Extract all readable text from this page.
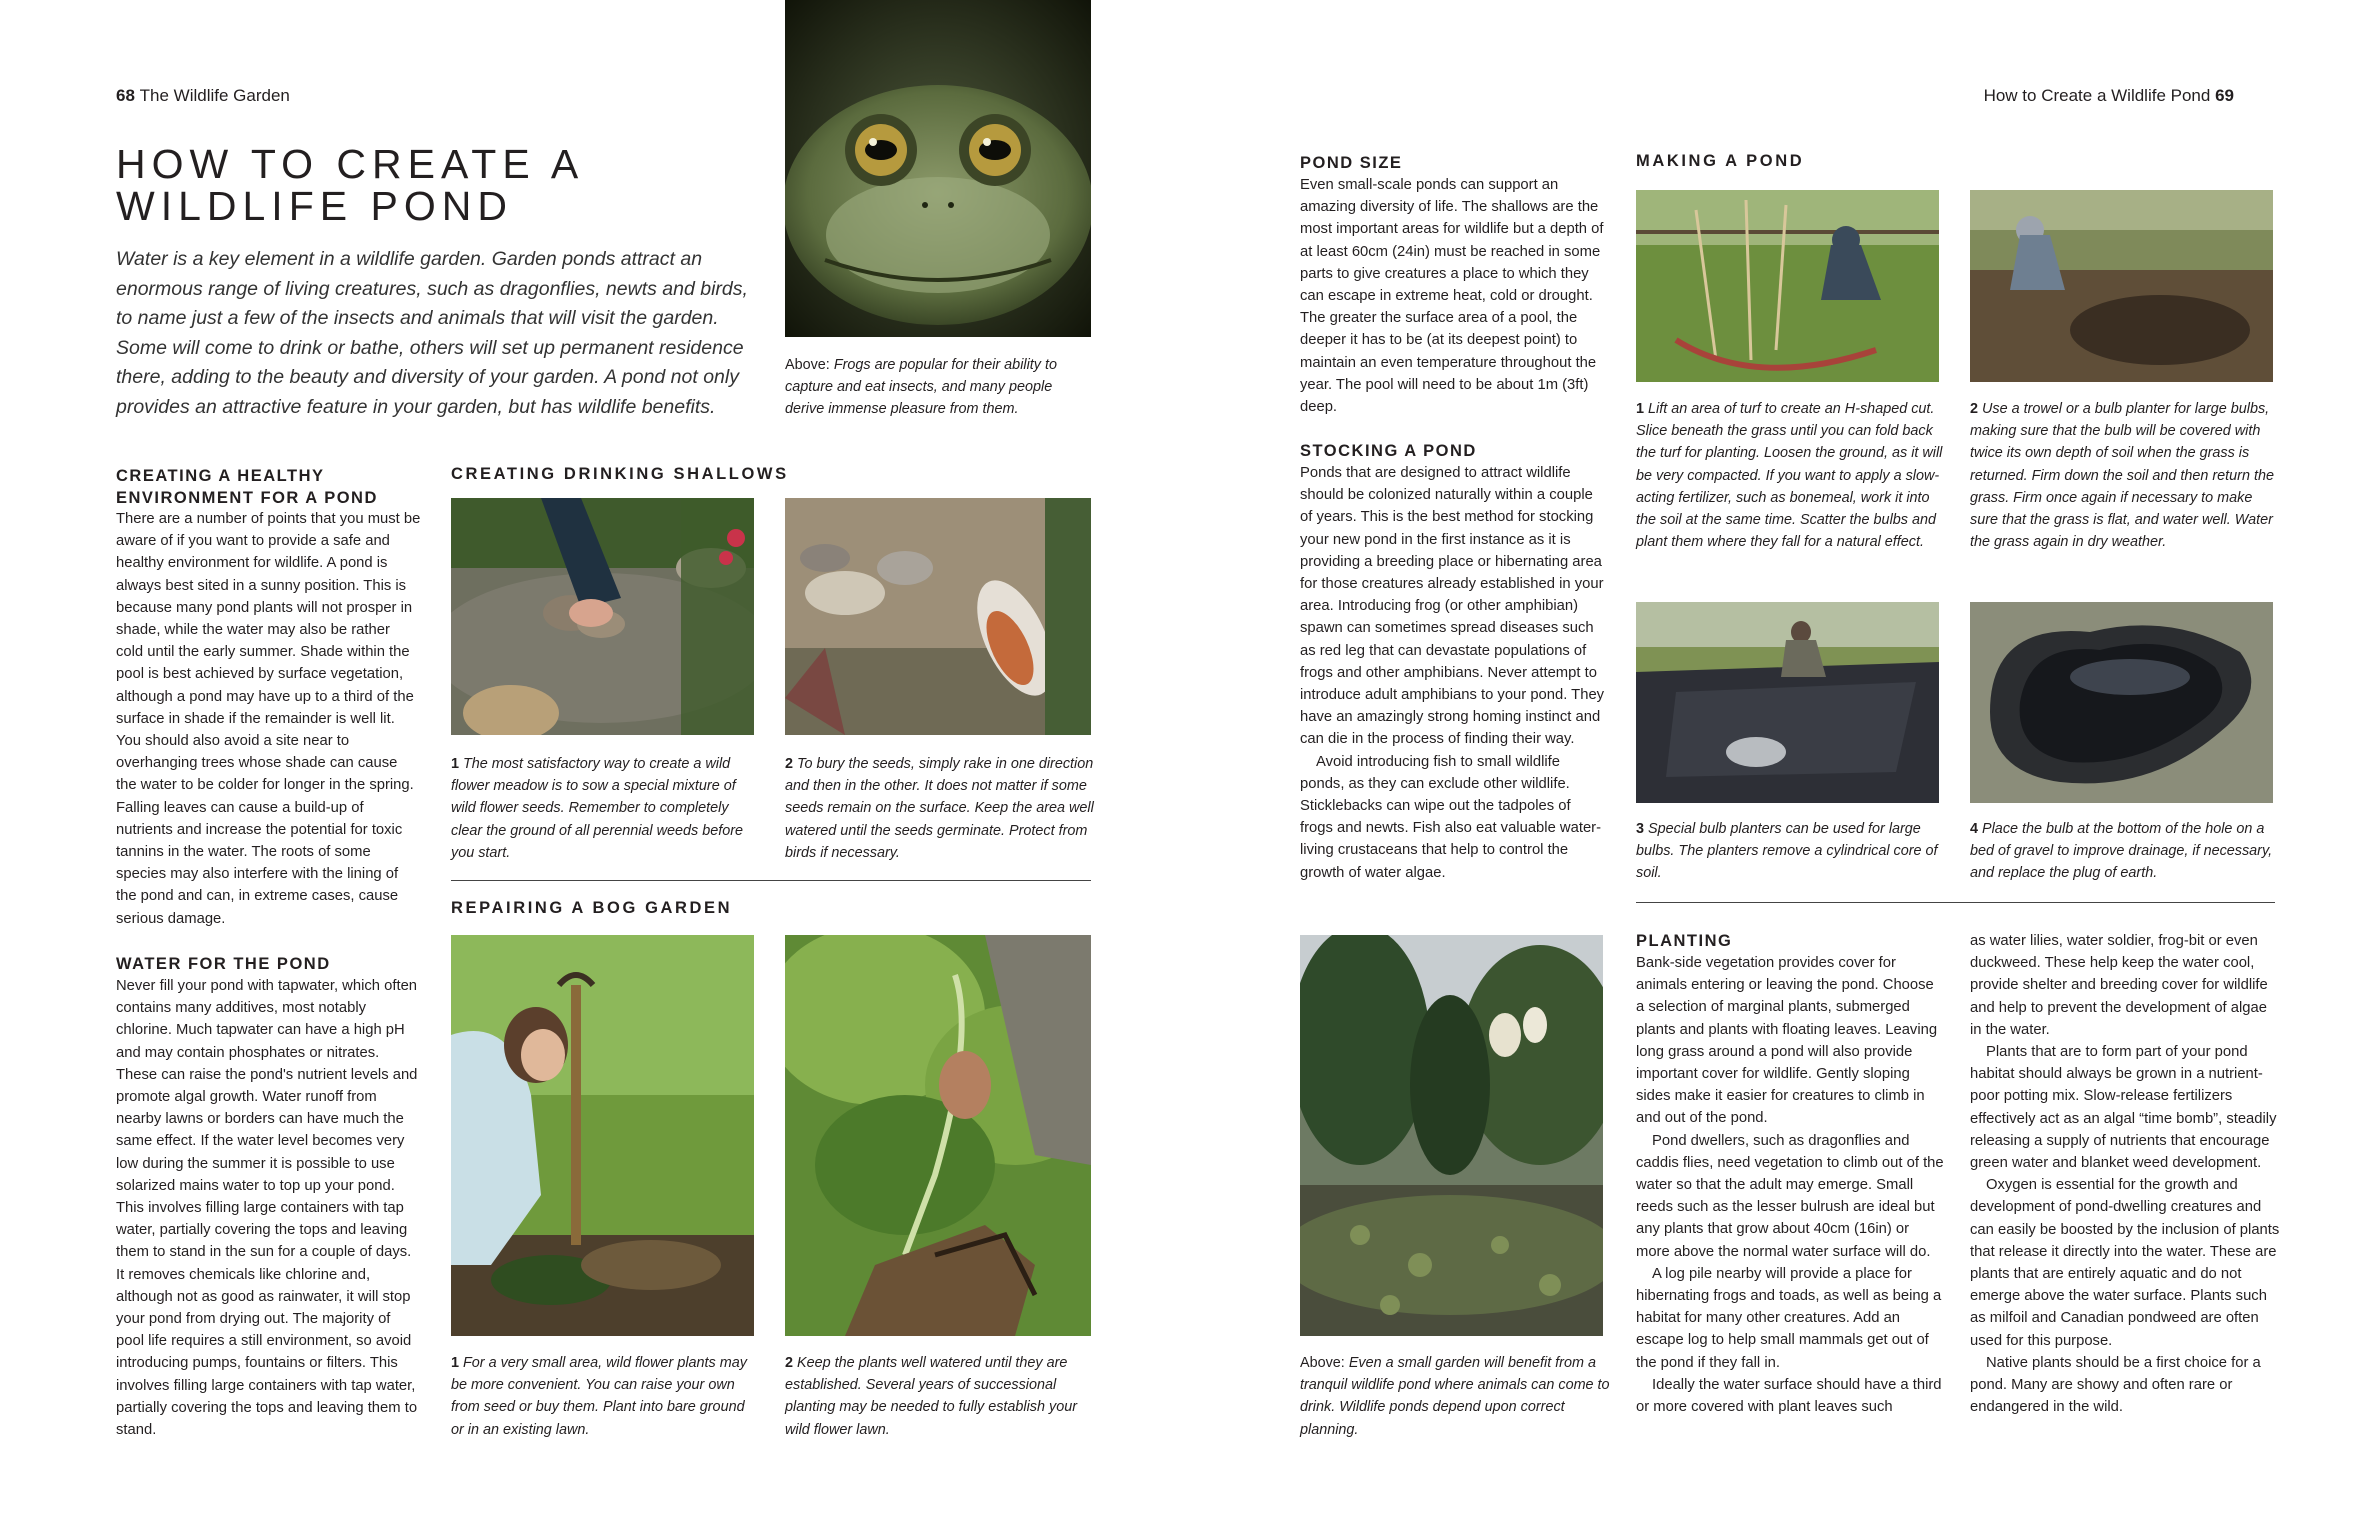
68 The Wildlife Garden
HOW TO CREATE A WILDLIFE POND

Water is a key element in a wildlife garden. Garden ponds attract an enormous range of living creatures, such as dragonflies, newts and birds, to name just a few of the insects and animals that will visit the garden. Some will come to drink or bathe, others will set up permanent residence there, adding to the beauty and diversity of your garden. A pond not only provides an attractive feature in your garden, but has wildlife benefits.

Above: Frogs are popular for their ability to capture and eat insects, and many people derive immense pleasure from them.

CREATING A HEALTHY ENVIRONMENT FOR A POND

There are a number of points that you must be aware of if you want to provide a safe and healthy environment for wildlife. A pond is always best sited in a sunny position. This is because many pond plants will not prosper in shade, while the water may also be rather cold until the early summer. Shade within the pool is best achieved by surface vegetation, although a pond may have up to a third of the surface in shade if the remainder is well lit. You should also avoid a site near to overhanging trees whose shade can cause the water to be colder for longer in the spring. Falling leaves can cause a build-up of nutrients and increase the potential for toxic tannins in the water. The roots of some species may also interfere with the lining of the pond and can, in extreme cases, cause serious damage.

WATER FOR THE POND

Never fill your pond with tapwater, which often contains many additives, most notably chlorine. Much tapwater can have a high pH and may contain phosphates or nitrates. These can raise the pond's nutrient levels and promote algal growth. Water runoff from nearby lawns or borders can have much the same effect. If the water level becomes very low during the summer it is possible to use solarized mains water to top up your pond. This involves filling large containers with tap water, partially covering the tops and leaving them to stand in the sun for a couple of days. It removes chemicals like chlorine and, although not as good as rainwater, it will stop your pond from drying out. The majority of pool life requires a still environment, so avoid introducing pumps, fountains or filters. This involves filling large containers with tap water, partially covering the tops and leaving them to stand.

CREATING DRINKING SHALLOWS

1 The most satisfactory way to create a wild flower meadow is to sow a special mixture of wild flower seeds. Remember to completely clear the ground of all perennial weeds before you start.

2 To bury the seeds, simply rake in one direction and then in the other. It does not matter if some seeds remain on the surface. Keep the area well watered until the seeds germinate. Protect from birds if necessary.

REPAIRING A BOG GARDEN

1 For a very small area, wild flower plants may be more convenient. You can raise your own from seed or buy them. Plant into bare ground or in an existing lawn.

2 Keep the plants well watered until they are established. Several years of successional planting may be needed to fully establish your wild flower lawn.

How to Create a Wildlife Pond 69
POND SIZE

Even small-scale ponds can support an amazing diversity of life. The shallows are the most important areas for wildlife but a depth of at least 60cm (24in) must be reached in some parts to give creatures a place to which they can escape in extreme heat, cold or drought. The greater the surface area of a pool, the deeper it has to be (at its deepest point) to maintain an even temperature throughout the year. The pool will need to be about 1m (3ft) deep.

STOCKING A POND

Ponds that are designed to attract wildlife should be colonized naturally within a couple of years. This is the best method for stocking your new pond in the first instance as it is providing a breeding place or hibernating area for those creatures already established in your area. Introducing frog (or other amphibian) spawn can sometimes spread diseases such as red leg that can devastate populations of frogs and other amphibians. Never attempt to introduce adult amphibians to your pond. They have an amazingly strong homing instinct and can die in the process of finding their way.

Avoid introducing fish to small wildlife ponds, as they can exclude other wildlife. Sticklebacks can wipe out the tadpoles of frogs and newts. Fish also eat valuable water-living crustaceans that help to control the growth of water algae.

Above: Even a small garden will benefit from a tranquil wildlife pond where animals can come to drink. Wildlife ponds depend upon correct planning.

MAKING A POND

1 Lift an area of turf to create an H-shaped cut. Slice beneath the grass until you can fold back the turf for planting. Loosen the ground, as it will be very compacted. If you want to apply a slow-acting fertilizer, such as bonemeal, work it into the soil at the same time. Scatter the bulbs and plant them where they fall for a natural effect.

2 Use a trowel or a bulb planter for large bulbs, making sure that the bulb will be covered with twice its own depth of soil when the grass is returned. Firm down the soil and then return the grass. Firm once again if necessary to make sure that the grass is flat, and water well. Water the grass again in dry weather.

3 Special bulb planters can be used for large bulbs. The planters remove a cylindrical core of soil.

4 Place the bulb at the bottom of the hole on a bed of gravel to improve drainage, if necessary, and replace the plug of earth.

PLANTING

Bank-side vegetation provides cover for animals entering or leaving the pond. Choose a selection of marginal plants, submerged plants and plants with floating leaves. Leaving long grass around a pond will also provide important cover for wildlife. Gently sloping sides make it easier for creatures to climb in and out of the pond.

Pond dwellers, such as dragonflies and caddis flies, need vegetation to climb out of the water so that the adult may emerge. Small reeds such as the lesser bulrush are ideal but any plants that grow about 40cm (16in) or more above the normal water surface will do.

A log pile nearby will provide a place for hibernating frogs and toads, as well as being a habitat for many other creatures. Add an escape log to help small mammals get out of the pond if they fall in.

Ideally the water surface should have a third or more covered with plant leaves such

as water lilies, water soldier, frog-bit or even duckweed. These help keep the water cool, provide shelter and breeding cover for wildlife and help to prevent the development of algae in the water.

Plants that are to form part of your pond habitat should always be grown in a nutrient-poor potting mix. Slow-release fertilizers effectively act as an algal “time bomb”, steadily releasing a supply of nutrients that encourage green water and blanket weed development.

Oxygen is essential for the growth and development of pond-dwelling creatures and can easily be boosted by the inclusion of plants that release it directly into the water. These are plants that are entirely aquatic and do not emerge above the water surface. Plants such as milfoil and Canadian pondweed are often used for this purpose.

Native plants should be a first choice for a pond. Many are showy and often rare or endangered in the wild.
